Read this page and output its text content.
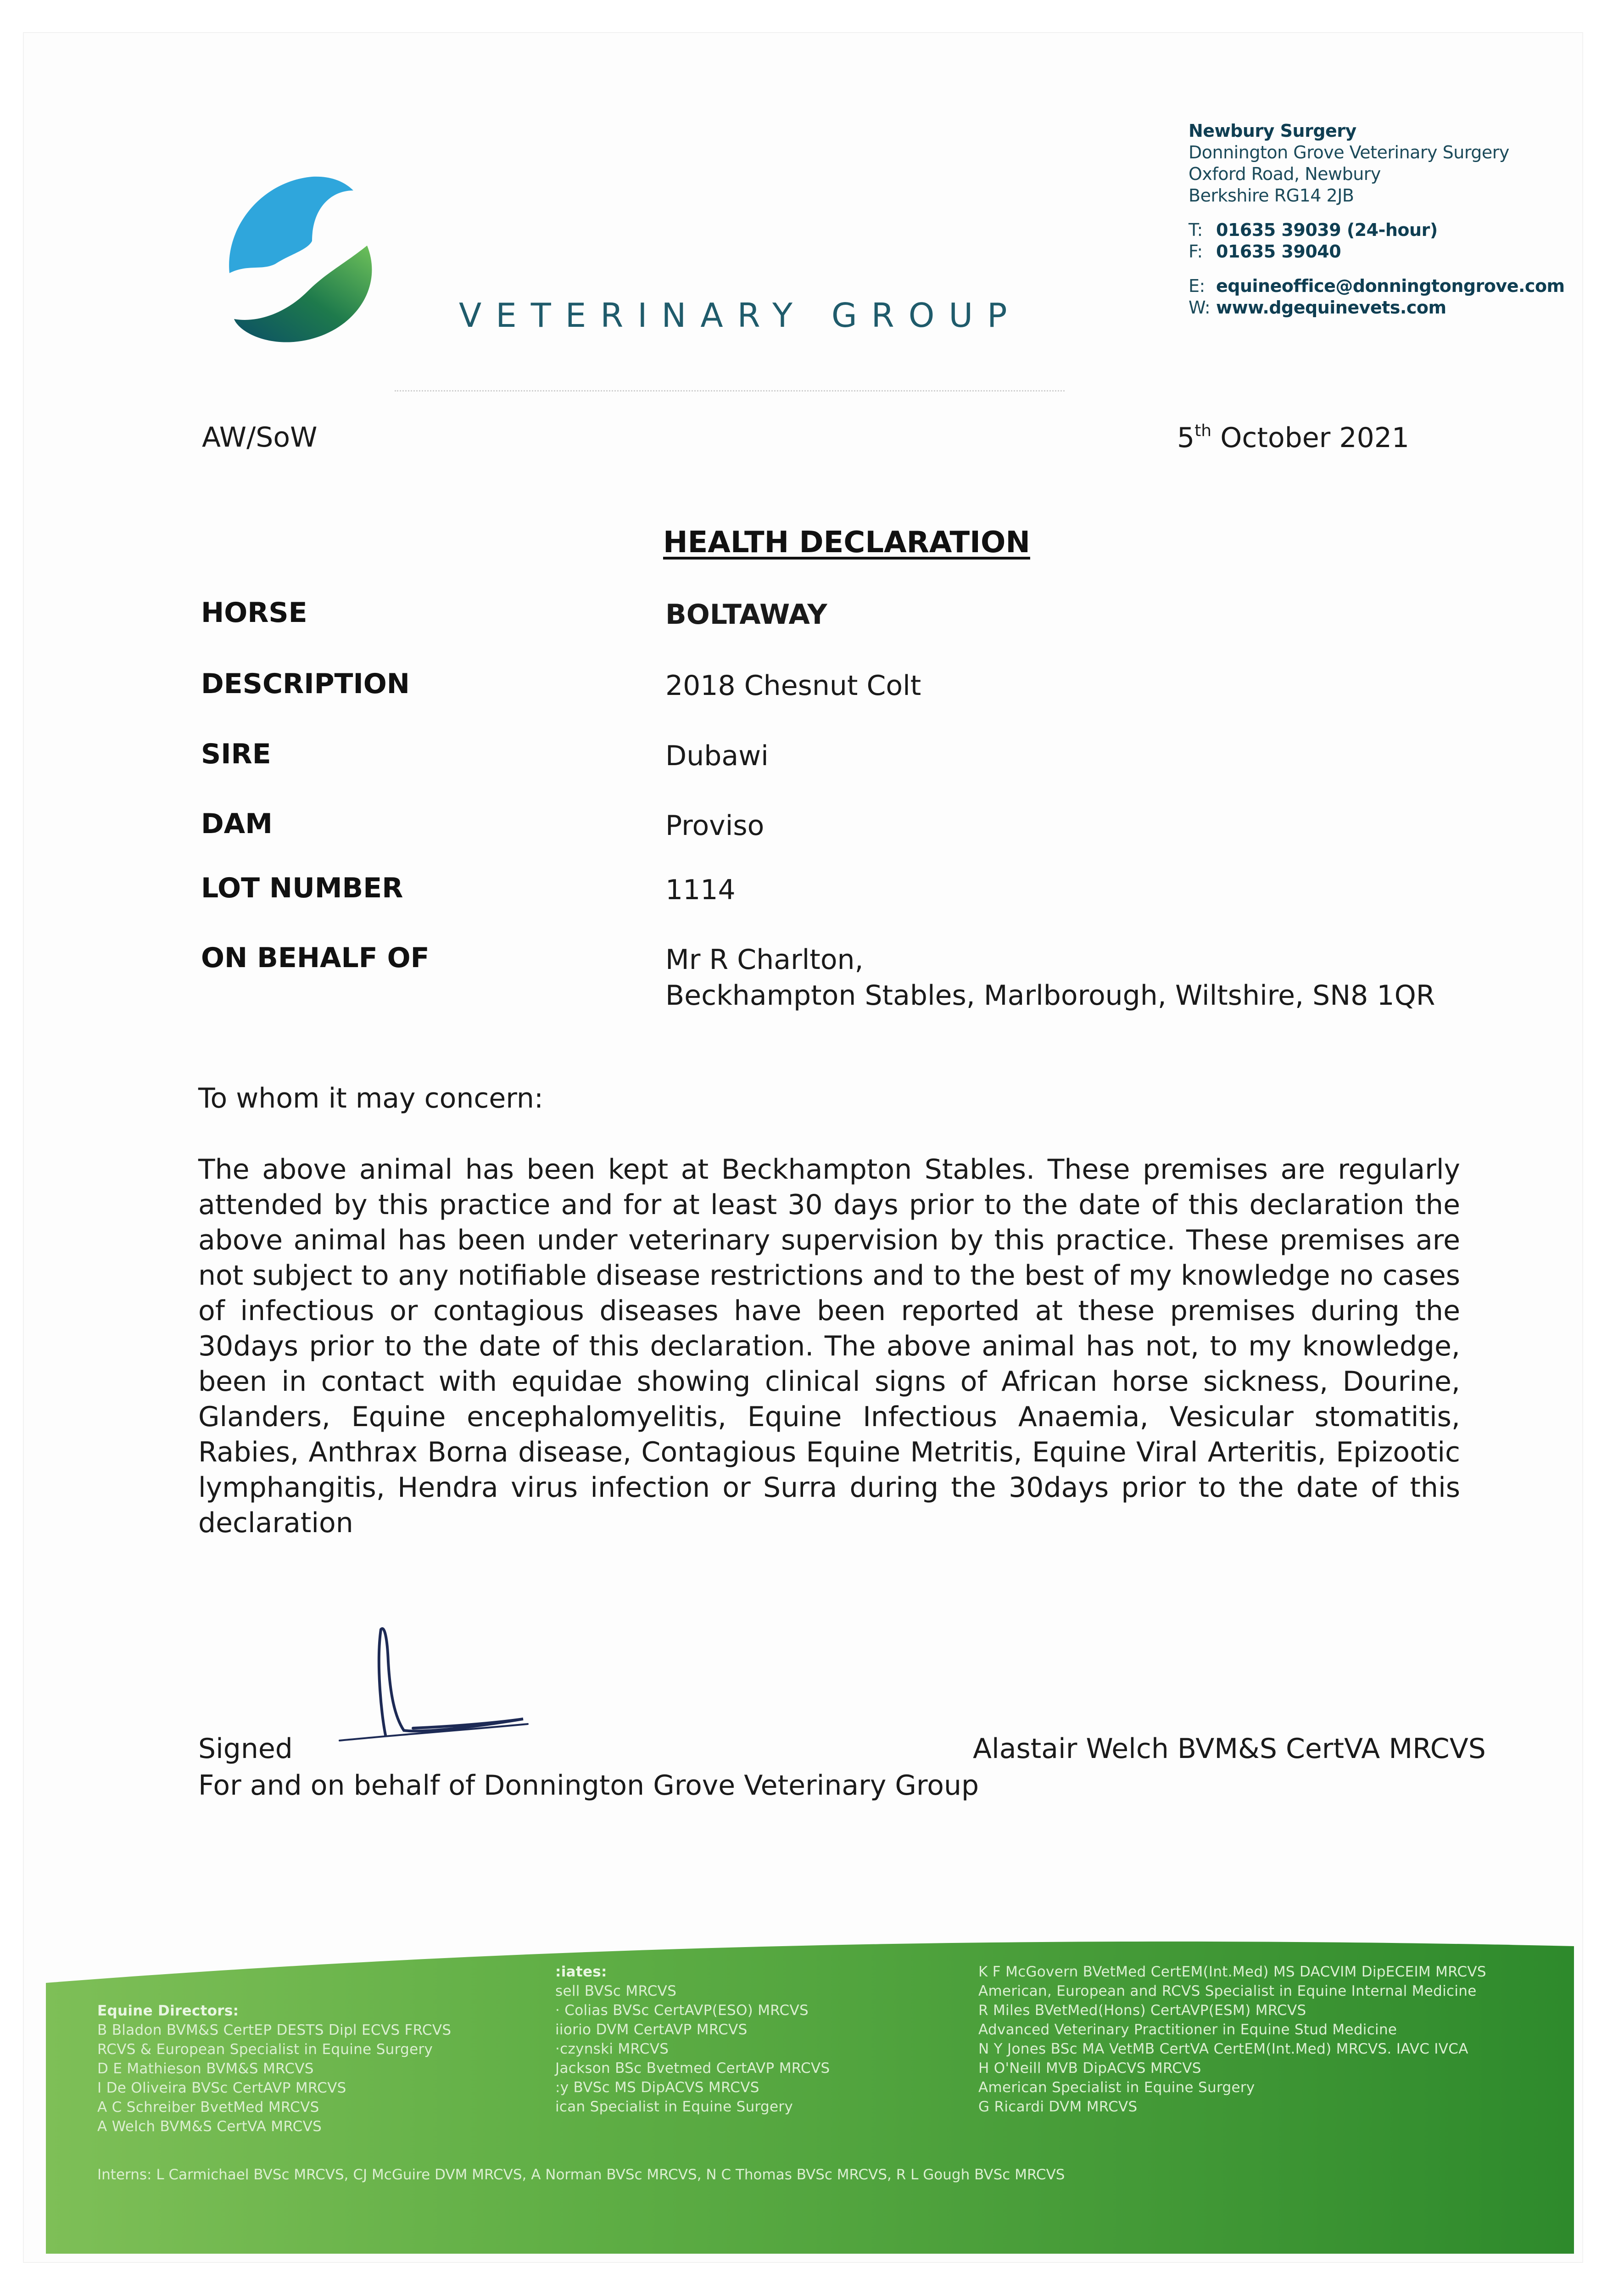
VETERINARY GROUP
Newbury Surgery
Donnington Grove Veterinary Surgery
Oxford Road, Newbury
Berkshire RG14 2JB
T: 01635 39039 (24-hour)
F: 01635 39040
E: equineoffice@donningtongrove.com
W: www.dgequinevets.com
AW/SoW	5th October 2021
HEALTH DECLARATION
HORSE	BOLTAWAY
DESCRIPTION	2018 Chesnut Colt
SIRE	Dubawi
DAM	Proviso
LOT NUMBER	1114
ON BEHALF OF	Mr R Charlton,
Beckhampton Stables, Marlborough, Wiltshire, SN8 1QR
To whom it may concern:
The above animal has been kept at Beckhampton Stables. These premises are regularly attended by this practice and for at least 30 days prior to the date of this declaration the above animal has been under veterinary supervision by this practice. These premises are not subject to any notifiable disease restrictions and to the best of my knowledge no cases of infectious or contagious diseases have been reported at these premises during the 30days prior to the date of this declaration. The above animal has not, to my knowledge, been in contact with equidae showing clinical signs of African horse sickness, Dourine, Glanders, Equine encephalomyelitis, Equine Infectious Anaemia, Vesicular stomatitis, Rabies, Anthrax Borna disease, Contagious Equine Metritis, Equine Viral Arteritis, Epizootic lymphangitis, Hendra virus infection or Surra during the 30days prior to the date of this declaration
Signed	Alastair Welch BVM&S CertVA MRCVS
For and on behalf of Donnington Grove Veterinary Group
Equine Directors:
B Bladon BVM&S CertEP DESTS Dipl ECVS FRCVS
RCVS & European Specialist in Equine Surgery
D E Mathieson BVM&S MRCVS
I De Oliveira BVSc CertAVP MRCVS
A C Schreiber BvetMed MRCVS
A Welch BVM&S CertVA MRCVS
:iates:
sell BVSc MRCVS
· Colias BVSc CertAVP(ESO) MRCVS
iiorio DVM CertAVP MRCVS
·czynski MRCVS
Jackson BSc Bvetmed CertAVP MRCVS
:y BVSc MS DipACVS MRCVS
ican Specialist in Equine Surgery
K F McGovern BVetMed CertEM(Int.Med) MS DACVIM DipECEIM MRCVS
American, European and RCVS Specialist in Equine Internal Medicine
R Miles BVetMed(Hons) CertAVP(ESM) MRCVS
Advanced Veterinary Practitioner in Equine Stud Medicine
N Y Jones BSc MA VetMB CertVA CertEM(Int.Med) MRCVS. IAVC IVCA
H O'Neill MVB DipACVS MRCVS
American Specialist in Equine Surgery
G Ricardi DVM MRCVS
Interns: L Carmichael BVSc MRCVS, CJ McGuire DVM MRCVS, A Norman BVSc MRCVS, N C Thomas BVSc MRCVS, R L Gough BVSc MRCVS
